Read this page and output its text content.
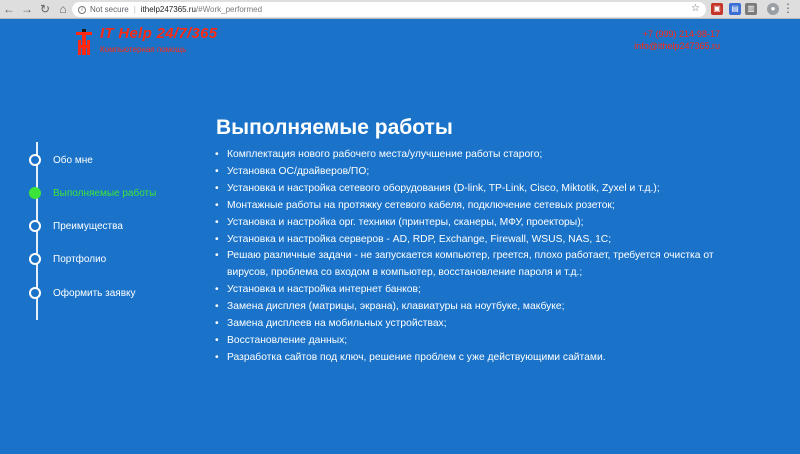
← → ↻ ⌂	i Not secure | ithelp247365.ru /#Work_performed	☆ ▣ ▤ ▥	● ⋮
IT Help 24/7/365
Компьютерная помощь
+7 (999) 214-98-17
info@ithelp247365.ru
Обо мне
Выполняемые работы
Преимущества
Портфолио
Оформить заявку
Выполняемые работы
• Комплектация нового рабочего места/улучшение работы старого;
• Установка ОС/драйверов/ПО;
• Установка и настройка сетевого оборудования (D-link, TP-Link, Cisco, Miktotik, Zyxel и т.д.);
• Монтажные работы на протяжку сетевого кабеля, подключение сетевых розеток;
• Установка и настройка орг. техники (принтеры, сканеры, МФУ, проекторы);
• Установка и настройка серверов - AD, RDP, Exchange, Firewall, WSUS, NAS, 1С;
• Решаю различные задачи - не запускается компьютер, греется, плохо работает, требуется очистка от вирусов, проблема со входом в компьютер, восстановление пароля и т.д.;
• Установка и настройка интернет банков;
• Замена дисплея (матрицы, экрана), клавиатуры на ноутбуке, макбуке;
• Замена дисплеев на мобильных устройствах;
• Восстановление данных;
• Разработка сайтов под ключ, решение проблем с уже действующими сайтами.
